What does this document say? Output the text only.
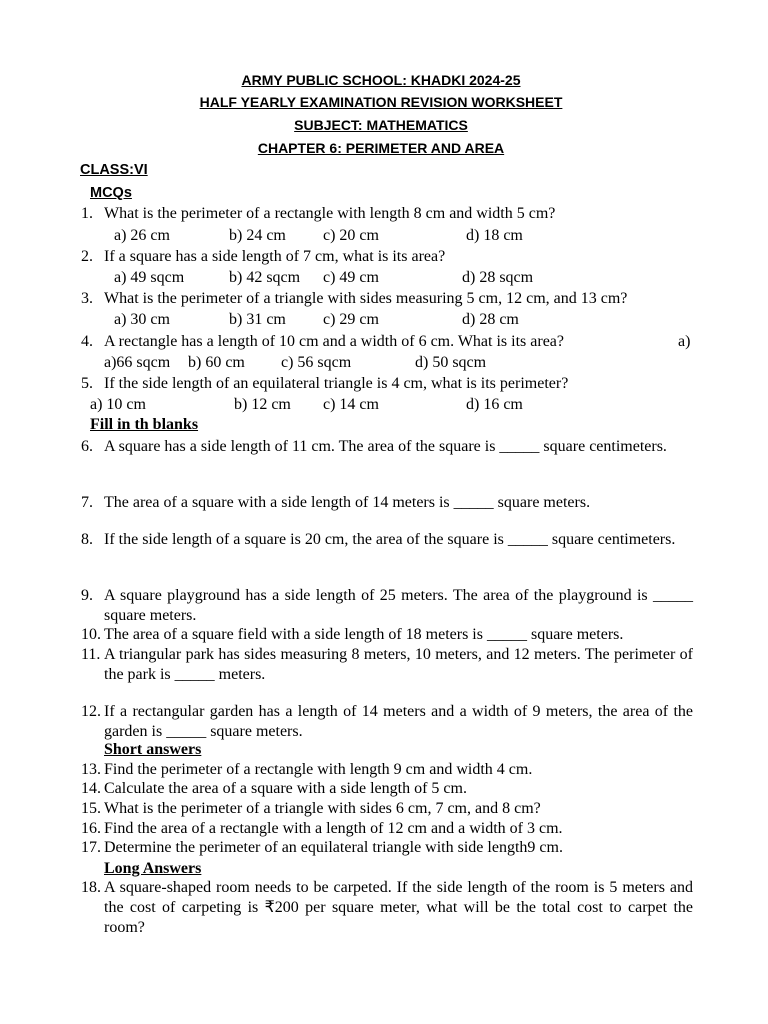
ARMY PUBLIC SCHOOL: KHADKI 2024-25
HALF YEARLY EXAMINATION REVISION WORKSHEET
SUBJECT: MATHEMATICS
CHAPTER 6: PERIMETER AND AREA
CLASS:VI
MCQs
1. What is the perimeter of a rectangle with length 8 cm and width 5 cm?
a) 26 cm	b) 24 cm c) 20 cm	d) 18 cm
2. If a square has a side length of 7 cm, what is its area?
a) 49 sqcm	b) 42 sqcm c) 49 cm	d) 28 sqcm
3. What is the perimeter of a triangle with sides measuring 5 cm, 12 cm, and 13 cm?
a) 30 cm	b) 31 cm c) 29 cm	d) 28 cm
4. A rectangle has a length of 10 cm and a width of 6 cm. What is its area?	a)
a)66 sqcm b) 60 cm c) 56 sqcm	d) 50 sqcm
5. If the side length of an equilateral triangle is 4 cm, what is its perimeter?
a) 10 cm	b) 12 cm c) 14 cm	d) 16 cm
Fill in th blanks
6. A square has a side length of 11 cm. The area of the square is _____ square centimeters.
7. The area of a square with a side length of 14 meters is _____ square meters.
8. If the side length of a square is 20 cm, the area of the square is _____ square centimeters.
9. A square playground has a side length of 25 meters. The area of the playground is _____ square meters.
10. The area of a square field with a side length of 18 meters is _____ square meters.
11. A triangular park has sides measuring 8 meters, 10 meters, and 12 meters. The perimeter of the park is _____ meters.
12. If a rectangular garden has a length of 14 meters and a width of 9 meters, the area of the garden is _____ square meters.
Short answers
13. Find the perimeter of a rectangle with length 9 cm and width 4 cm.
14. Calculate the area of a square with a side length of 5 cm.
15. What is the perimeter of a triangle with sides 6 cm, 7 cm, and 8 cm?
16. Find the area of a rectangle with a length of 12 cm and a width of 3 cm.
17. Determine the perimeter of an equilateral triangle with side length9 cm.
Long Answers
18. A square-shaped room needs to be carpeted. If the side length of the room is 5 meters and the cost of carpeting is ₹200 per square meter, what will be the total cost to carpet the room?
